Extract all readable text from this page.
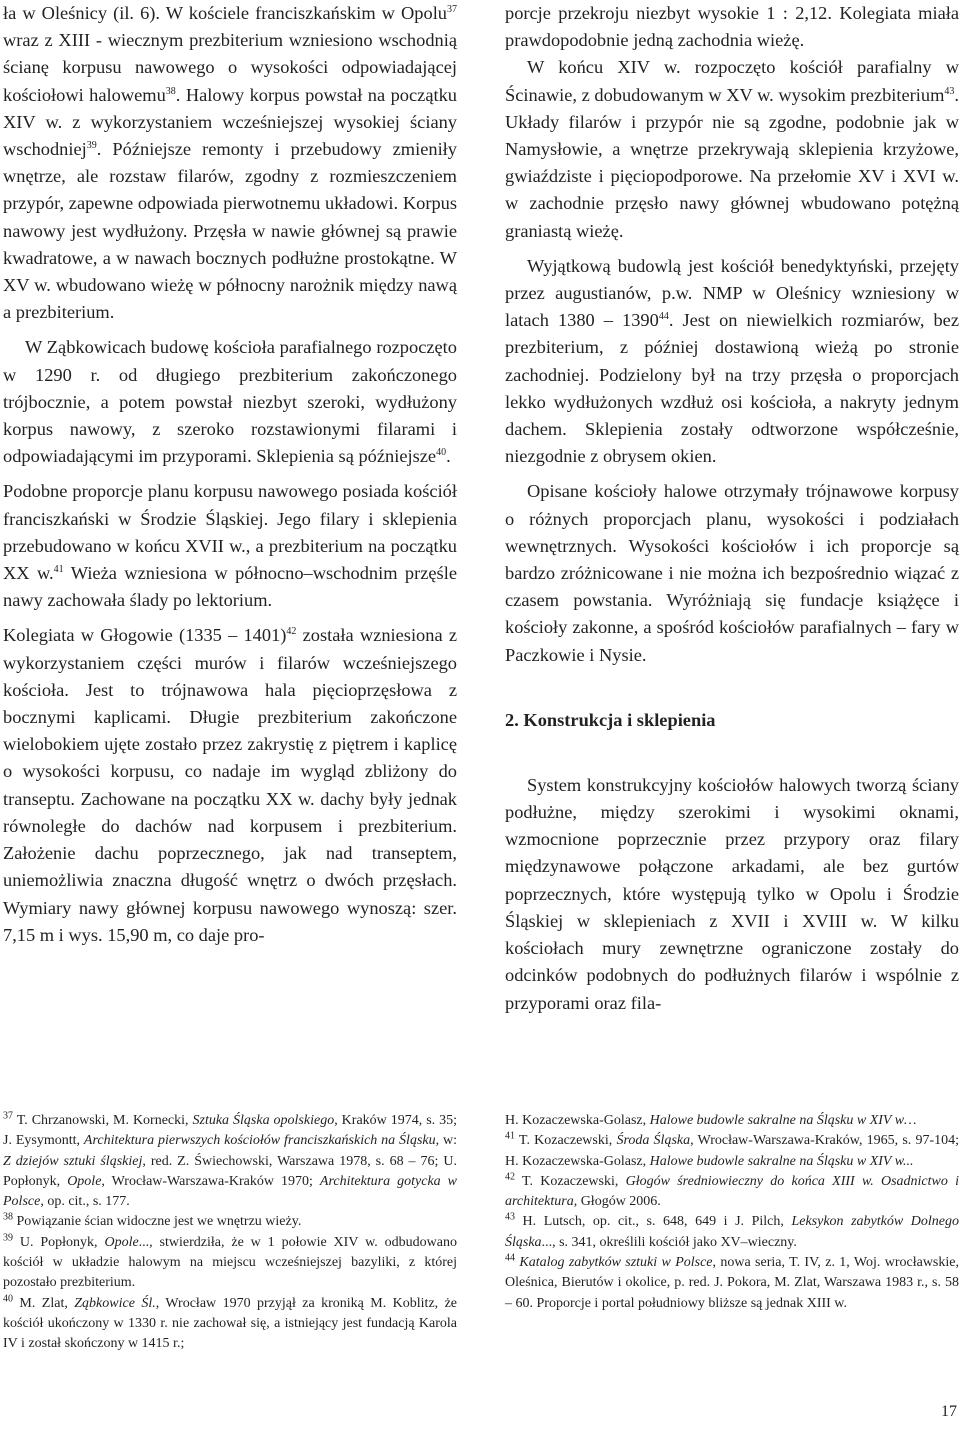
ła w Oleśnicy (il. 6). W kościele franciszkańskim w Opolu$^{37}$ wraz z XIII - wiecznym prezbiterium wzniesiono wschodnią ścianę korpusu nawowego o wysokości odpowiadającej kościołowi halowemu$^{38}$. Halowy korpus powstał na początku XIV w. z wykorzystaniem wcześniejszej wysokiej ściany wschodniej$^{39}$. Późniejsze remonty i przebudowy zmieniły wnętrze, ale rozstaw filarów, zgodny z rozmieszczeniem przypór, zapewne odpowiada pierwotnemu układowi. Korpus nawowy jest wydłużony. Przęsła w nawie głównej są prawie kwadratowe, a w nawach bocznych podłużne prostokątne. W XV w. wbudowano wieżę w północny narożnik między nawą a prezbiterium.

W Ząbkowicach budowę kościoła parafialnego rozpoczęto w 1290 r. od długiego prezbiterium zakończonego trójbocznie, a potem powstał niezbyt szeroki, wydłużony korpus nawowy, z szeroko rozstawionymi filarami i odpowiadającymi im przyporami. Sklepienia są późniejsze$^{40}$.

Podobne proporcje planu korpusu nawowego posiada kościół franciszkański w Środzie Śląskiej. Jego filary i sklepienia przebudowano w końcu XVII w., a prezbiterium na początku XX w.$^{41}$ Wieża wzniesiona w północno–wschodnim przęśle nawy zachowała ślady po lektorium.

Kolegiata w Głogowie (1335 – 1401)$^{42}$ została wzniesiona z wykorzystaniem części murów i filarów wcześniejszego kościoła. Jest to trójnawowa hala pięcioprzęsłowa z bocznymi kaplicami. Długie prezbiterium zakończone wielobokiem ujęte zostało przez zakrystię z piętrem i kaplicę o wysokości korpusu, co nadaje im wygląd zbliżony do transeptu. Zachowane na początku XX w. dachy były jednak równoległe do dachów nad korpusem i prezbiterium. Założenie dachu poprzecznego, jak nad transeptem, uniemożliwia znaczna długość wnętrz o dwóch przęsłach. Wymiary nawy głównej korpusu nawowego wynoszą: szer. 7,15 m i wys. 15,90 m, co daje pro-

porcje przekroju niezbyt wysokie 1 : 2,12. Kolegiata miała prawdopodobnie jedną zachodnia wieżę.

W końcu XIV w. rozpoczęto kościół parafialny w Ścinawie, z dobudowanym w XV w. wysokim prezbiterium$^{43}$. Układy filarów i przypór nie są zgodne, podobnie jak w Namysłowie, a wnętrze przekrywają sklepienia krzyżowe, gwiaździste i pięciopodporowe. Na przełomie XV i XVI w. w zachodnie przęsło nawy głównej wbudowano potężną graniastą wieżę.

Wyjątkową budowlą jest kościół benedyktyński, przejęty przez augustianów, p.w. NMP w Oleśnicy wzniesiony w latach 1380 – 1390$^{44}$. Jest on niewielkich rozmiarów, bez prezbiterium, z później dostawioną wieżą po stronie zachodniej. Podzielony był na trzy przęsła o proporcjach lekko wydłużonych wzdłuż osi kościoła, a nakryty jednym dachem. Sklepienia zostały odtworzone współcześnie, niezgodnie z obrysem okien.

Opisane kościoły halowe otrzymały trójnawowe korpusy o różnych proporcjach planu, wysokości i podziałach wewnętrznych. Wysokości kościołów i ich proporcje są bardzo zróżnicowane i nie można ich bezpośrednio wiązać z czasem powstania. Wyróżniają się fundacje książęce i kościoły zakonne, a spośród kościołów parafialnych – fary w Paczkowie i Nysie.

2. Konstrukcja i sklepienia

System konstrukcyjny kościołów halowych tworzą ściany podłużne, między szerokimi i wysokimi oknami, wzmocnione poprzecznie przez przypory oraz filary międzynawowe połączone arkadami, ale bez gurtów poprzecznych, które występują tylko w Opolu i Środzie Śląskiej w sklepieniach z XVII i XVIII w. W kilku kościołach mury zewnętrzne ograniczone zostały do odcinków podobnych do podłużnych filarów i wspólnie z przyporami oraz fila-

$^{37}$ T. Chrzanowski, M. Kornecki, Sztuka Śląska opolskiego, Kraków 1974, s. 35; J. Eysymontt, Architektura pierwszych kościołów franciszkańskich na Śląsku, w: Z dziejów sztuki śląskiej, red. Z. Świechowski, Warszawa 1978, s. 68 – 76; U. Popłonyk, Opole, Wrocław-Warszawa-Kraków 1970; Architektura gotycka w Polsce, op. cit., s. 177.

$^{38}$ Powiązanie ścian widoczne jest we wnętrzu wieży.

$^{39}$ U. Popłonyk, Opole..., stwierdziła, że w 1 połowie XIV w. odbudowano kościół w układzie halowym na miejscu wcześniejszej bazyliki, z której pozostało prezbiterium.

$^{40}$ M. Zlat, Ząbkowice Śl., Wrocław 1970 przyjął za kroniką M. Koblitz, że kościół ukończony w 1330 r. nie zachował się, a istniejący jest fundacją Karola IV i został skończony w 1415 r.;

H. Kozaczewska-Golasz, Halowe budowle sakralne na Śląsku w XIV w…

$^{41}$ T. Kozaczewski, Środa Śląska, Wrocław-Warszawa-Kraków, 1965, s. 97-104; H. Kozaczewska-Golasz, Halowe budowle sakralne na Śląsku w XIV w...

$^{42}$ T. Kozaczewski, Głogów średniowieczny do końca XIII w. Osadnictwo i architektura, Głogów 2006.

$^{43}$ H. Lutsch, op. cit., s. 648, 649 i J. Pilch, Leksykon zabytków Dolnego Śląska..., s. 341, określili kościół jako XV–wieczny.

$^{44}$ Katalog zabytków sztuki w Polsce, nowa seria, T. IV, z. 1, Woj. wrocławskie, Oleśnica, Bierutów i okolice, p. red. J. Pokora, M. Zlat, Warszawa 1983 r., s. 58 – 60. Proporcje i portal południowy bliższe są jednak XIII w.

17
